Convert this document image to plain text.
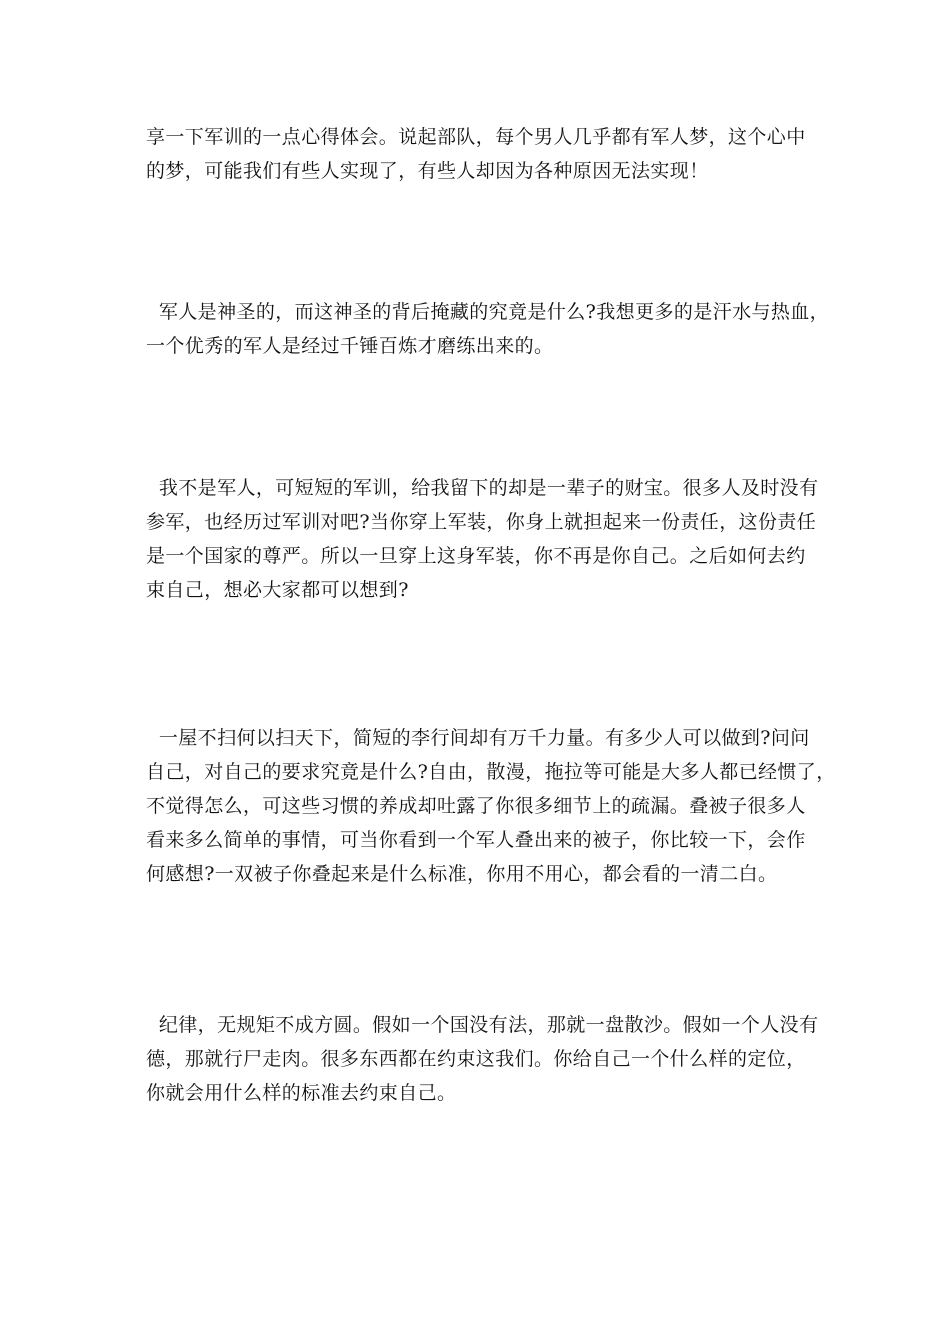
享一下军训的一点心得体会。说起部队，每个男人几乎都有军人梦，这个心中
的梦，可能我们有些人实现了，有些人却因为各种原因无法实现！
军人是神圣的，而这神圣的背后掩藏的究竟是什么?我想更多的是汗水与热血，
一个优秀的军人是经过千锤百炼才磨练出来的。
我不是军人，可短短的军训，给我留下的却是一辈子的财宝。很多人及时没有
参军，也经历过军训对吧?当你穿上军装，你身上就担起来一份责任，这份责任
是一个国家的尊严。所以一旦穿上这身军装，你不再是你自己。之后如何去约
束自己，想必大家都可以想到?
一屋不扫何以扫天下，简短的李行间却有万千力量。有多少人可以做到?问问
自己，对自己的要求究竟是什么?自由，散漫，拖拉等可能是大多人都已经惯了，
不觉得怎么，可这些习惯的养成却吐露了你很多细节上的疏漏。叠被子很多人
看来多么简单的事情，可当你看到一个军人叠出来的被子，你比较一下，会作
何感想?一双被子你叠起来是什么标准，你用不用心，都会看的一清二白。
纪律，无规矩不成方圆。假如一个国没有法，那就一盘散沙。假如一个人没有
德，那就行尸走肉。很多东西都在约束这我们。你给自己一个什么样的定位，
你就会用什么样的标准去约束自己。
